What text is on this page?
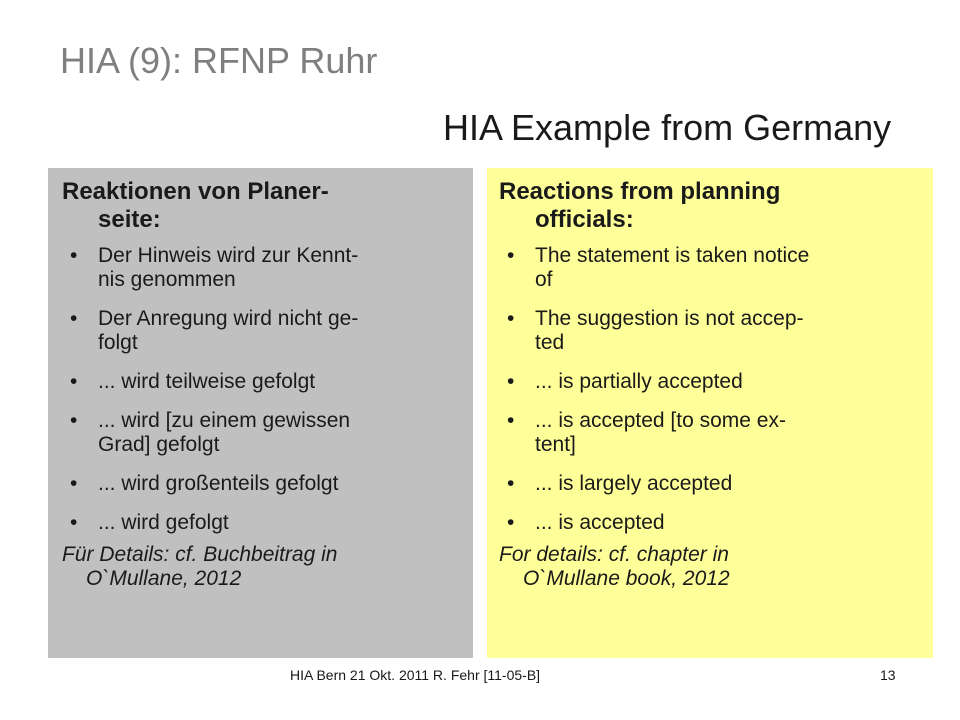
HIA (9): RFNP Ruhr
HIA Example from Germany
Reaktionen von Planer-
seite:
• Der Hinweis wird zur Kennt-
nis genommen
• Der Anregung wird nicht ge-
folgt
• ... wird teilweise gefolgt
• ... wird [zu einem gewissen
Grad] gefolgt
• ... wird großenteils gefolgt
• ... wird gefolgt
Für Details: cf. Buchbeitrag in
O`Mullane, 2012
Reactions from planning
officials:
• The statement is taken notice
of
• The suggestion is not accep-
ted
• ... is partially accepted
• ... is accepted [to some ex-
tent]
• ... is largely accepted
• ... is accepted
For details: cf. chapter in
O`Mullane book, 2012
HIA Bern 21 Okt. 2011 R. Fehr [11-05-B]	13
